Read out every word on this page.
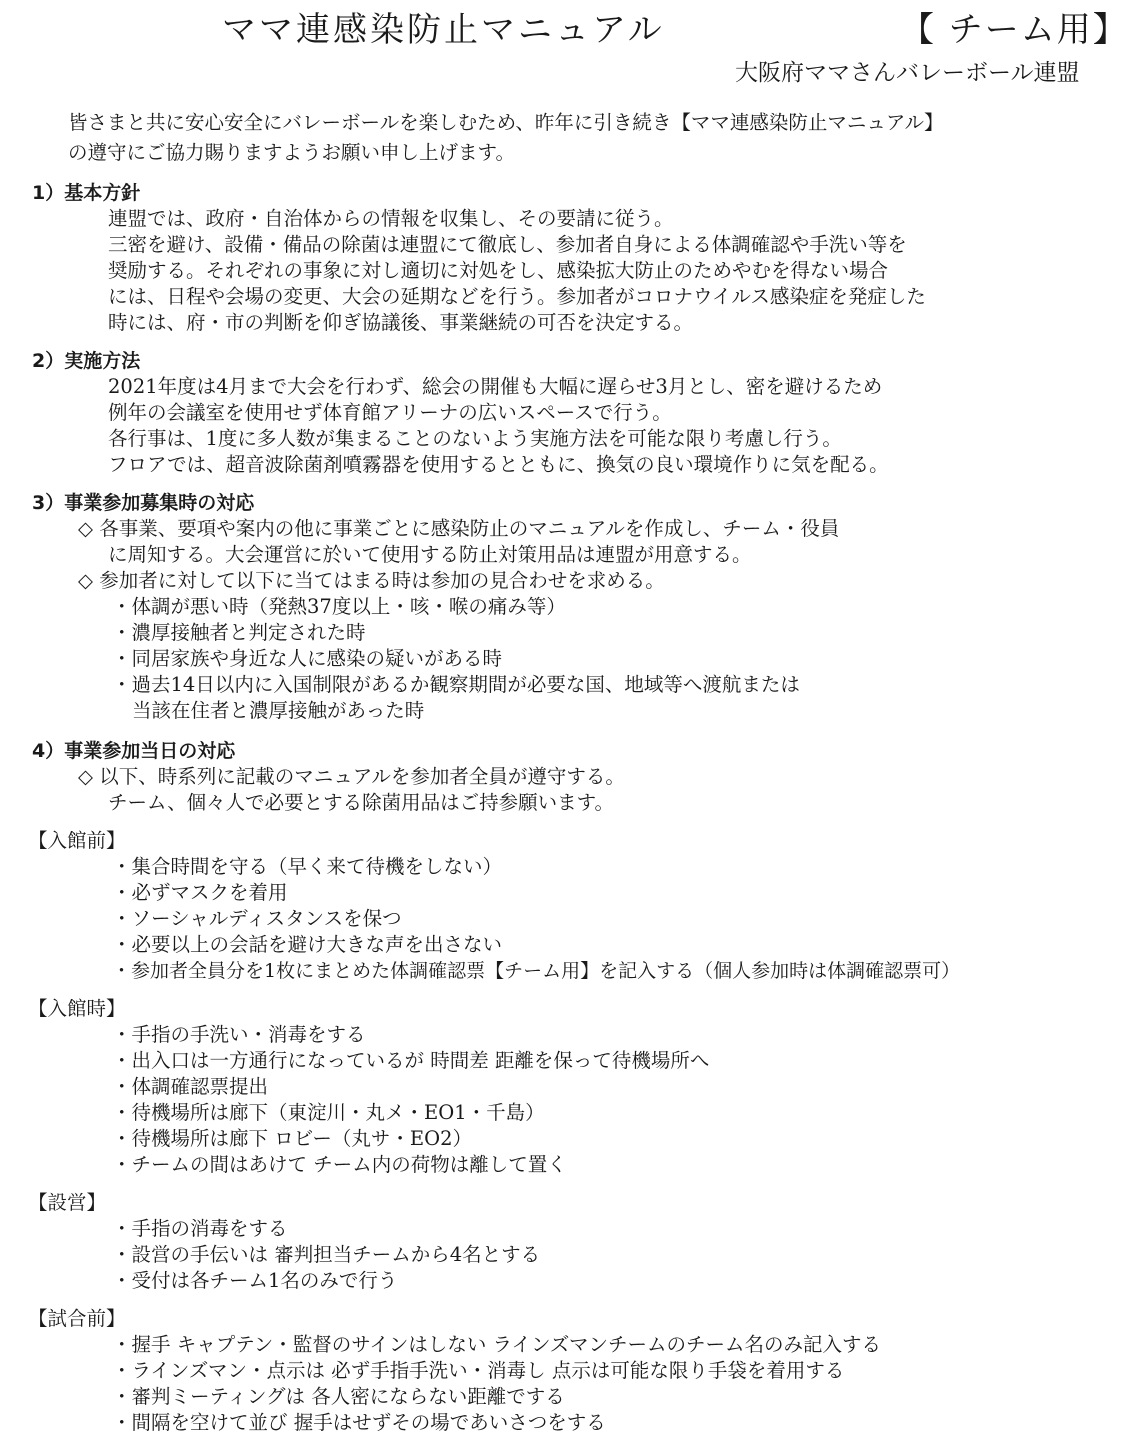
ママ連感染防止マニュアル	【 チーム用】
大阪府ママさんバレーボール連盟
皆さまと共に安心安全にバレーボールを楽しむため、昨年に引き続き【ママ連感染防止マニュアル】
の遵守にご協力賜りますようお願い申し上げます。
1）基本方針
連盟では、政府・自治体からの情報を収集し、その要請に従う。
三密を避け、設備・備品の除菌は連盟にて徹底し、参加者自身による体調確認や手洗い等を
奨励する。それぞれの事象に対し適切に対処をし、感染拡大防止のためやむを得ない場合
には、日程や会場の変更、大会の延期などを行う。参加者がコロナウイルス感染症を発症した
時には、府・市の判断を仰ぎ協議後、事業継続の可否を決定する。
2）実施方法
2021年度は4月まで大会を行わず、総会の開催も大幅に遅らせ3月とし、密を避けるため
例年の会議室を使用せず体育館アリーナの広いスペースで行う。
各行事は、1度に多人数が集まることのないよう実施方法を可能な限り考慮し行う。
フロアでは、超音波除菌剤噴霧器を使用するとともに、換気の良い環境作りに気を配る。
3）事業参加募集時の対応
◇ 各事業、要項や案内の他に事業ごとに感染防止のマニュアルを作成し、チーム・役員
に周知する。大会運営に於いて使用する防止対策用品は連盟が用意する。
◇ 参加者に対して以下に当てはまる時は参加の見合わせを求める。
・体調が悪い時（発熱37度以上・咳・喉の痛み等）
・濃厚接触者と判定された時
・同居家族や身近な人に感染の疑いがある時
・過去14日以内に入国制限があるか観察期間が必要な国、地域等へ渡航または
当該在住者と濃厚接触があった時
4）事業参加当日の対応
◇ 以下、時系列に記載のマニュアルを参加者全員が遵守する。
チーム、個々人で必要とする除菌用品はご持参願います。
【入館前】
・集合時間を守る（早く来て待機をしない）
・必ずマスクを着用
・ソーシャルディスタンスを保つ
・必要以上の会話を避け大きな声を出さない
・参加者全員分を1枚にまとめた体調確認票【チーム用】を記入する（個人参加時は体調確認票可）
【入館時】
・手指の手洗い・消毒をする
・出入口は一方通行になっているが 時間差 距離を保って待機場所へ
・体調確認票提出
・待機場所は廊下（東淀川・丸メ・EO1・千島）
・待機場所は廊下 ロビー（丸サ・EO2）
・チームの間はあけて チーム内の荷物は離して置く
【設営】
・手指の消毒をする
・設営の手伝いは 審判担当チームから4名とする
・受付は各チーム1名のみで行う
【試合前】
・握手 キャプテン・監督のサインはしない ラインズマンチームのチーム名のみ記入する
・ラインズマン・点示は 必ず手指手洗い・消毒し 点示は可能な限り手袋を着用する
・審判ミーティングは 各人密にならない距離でする
・間隔を空けて並び 握手はせずその場であいさつをする
